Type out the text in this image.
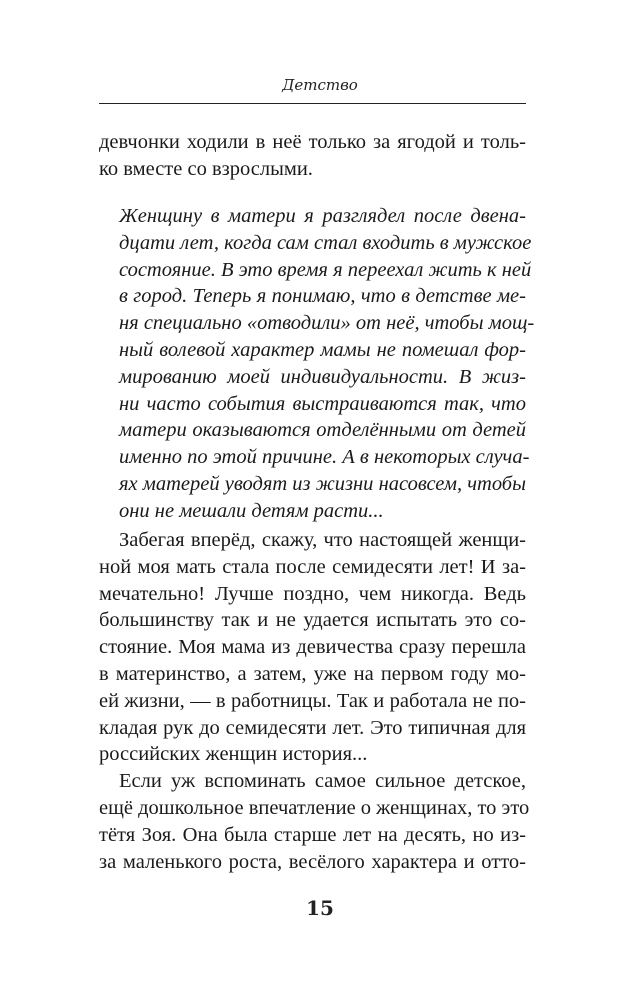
Детство
девчонки ходили в неё только за ягодой и толь-
ко вместе со взрослыми.
Женщину в матери я разглядел после двена-
дцати лет, когда сам стал входить в мужское
состояние. В это время я переехал жить к ней
в город. Теперь я понимаю, что в детстве ме-
ня специально «отводили» от неё, чтобы мощ-
ный волевой характер мамы не помешал фор-
мированию моей индивидуальности. В жиз-
ни часто события выстраиваются так, что
матери оказываются отделёнными от детей
именно по этой причине. А в некоторых случа-
ях матерей уводят из жизни насовсем, чтобы
они не мешали детям расти...
Забегая вперёд, скажу, что настоящей женщи-
ной моя мать стала после семидесяти лет! И за-
мечательно! Лучше поздно, чем никогда. Ведь
большинству так и не удается испытать это со-
стояние. Моя мама из девичества сразу перешла
в материнство, а затем, уже на первом году мо-
ей жизни, — в работницы. Так и работала не по-
кладая рук до семидесяти лет. Это типичная для
российских женщин история...
Если уж вспоминать самое сильное детское,
ещё дошкольное впечатление о женщинах, то это
тётя Зоя. Она была старше лет на десять, но из-
за маленького роста, весёлого характера и отто-
15
